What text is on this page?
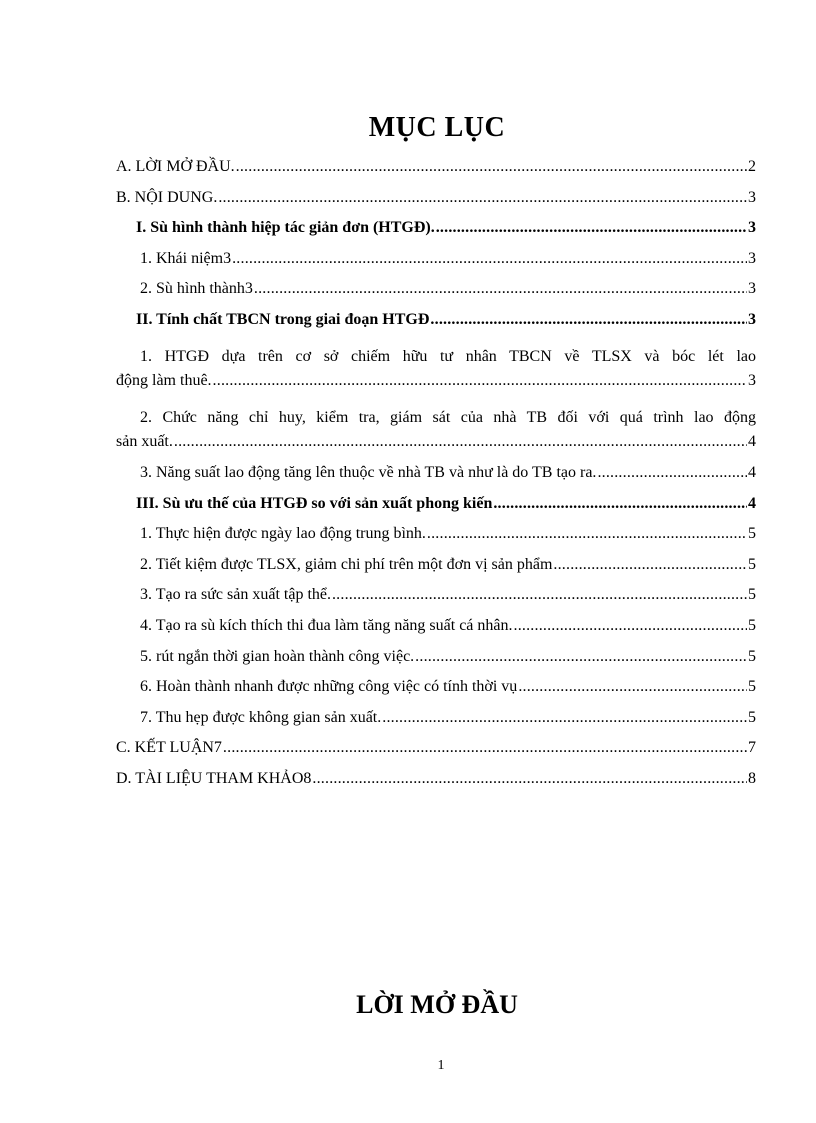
MỤC LỤC
A. LỜI MỞ ĐẦU. .....	2
B. NỘI DUNG. .....	3
I. Sù hình thành hiệp tác giản đơn (HTGĐ). .....	3
1. Khái niệm3 .....	3
2. Sù hình thành3 .....	3
II. Tính chất TBCN trong giai đoạn HTGĐ .....	3
1. HTGĐ dựa trên cơ sở chiếm hữu tư nhân TBCN về TLSX và bóc lét lao
động làm thuê. .....	3
2. Chức năng chỉ huy, kiểm tra, giám sát của nhà TB đối với quá trình lao động
sản xuất. .....	4
3. Năng suất lao động tăng lên thuộc về nhà TB và như là do TB tạo ra. .....	4
III. Sù ưu thế của HTGĐ so với sản xuất phong kiến .....	4
1. Thực hiện được ngày lao động trung bình. .....	5
2. Tiết kiệm được TLSX, giảm chi phí trên một đơn vị sản phẩm .....	5
3. Tạo ra sức sản xuất tập thể. .....	5
4. Tạo ra sù kích thích thi đua làm tăng năng suất cá nhân. .....	5
5. rút ngắn thời gian hoàn thành công việc. .....	5
6. Hoàn thành nhanh được những công việc có tính thời vụ .....	5
7. Thu hẹp được không gian sản xuất. .....	5
C. KẾT LUẬN7 .....	7
D. TÀI LIỆU THAM KHẢO8 .....	8
LỜI MỞ ĐẦU
1
